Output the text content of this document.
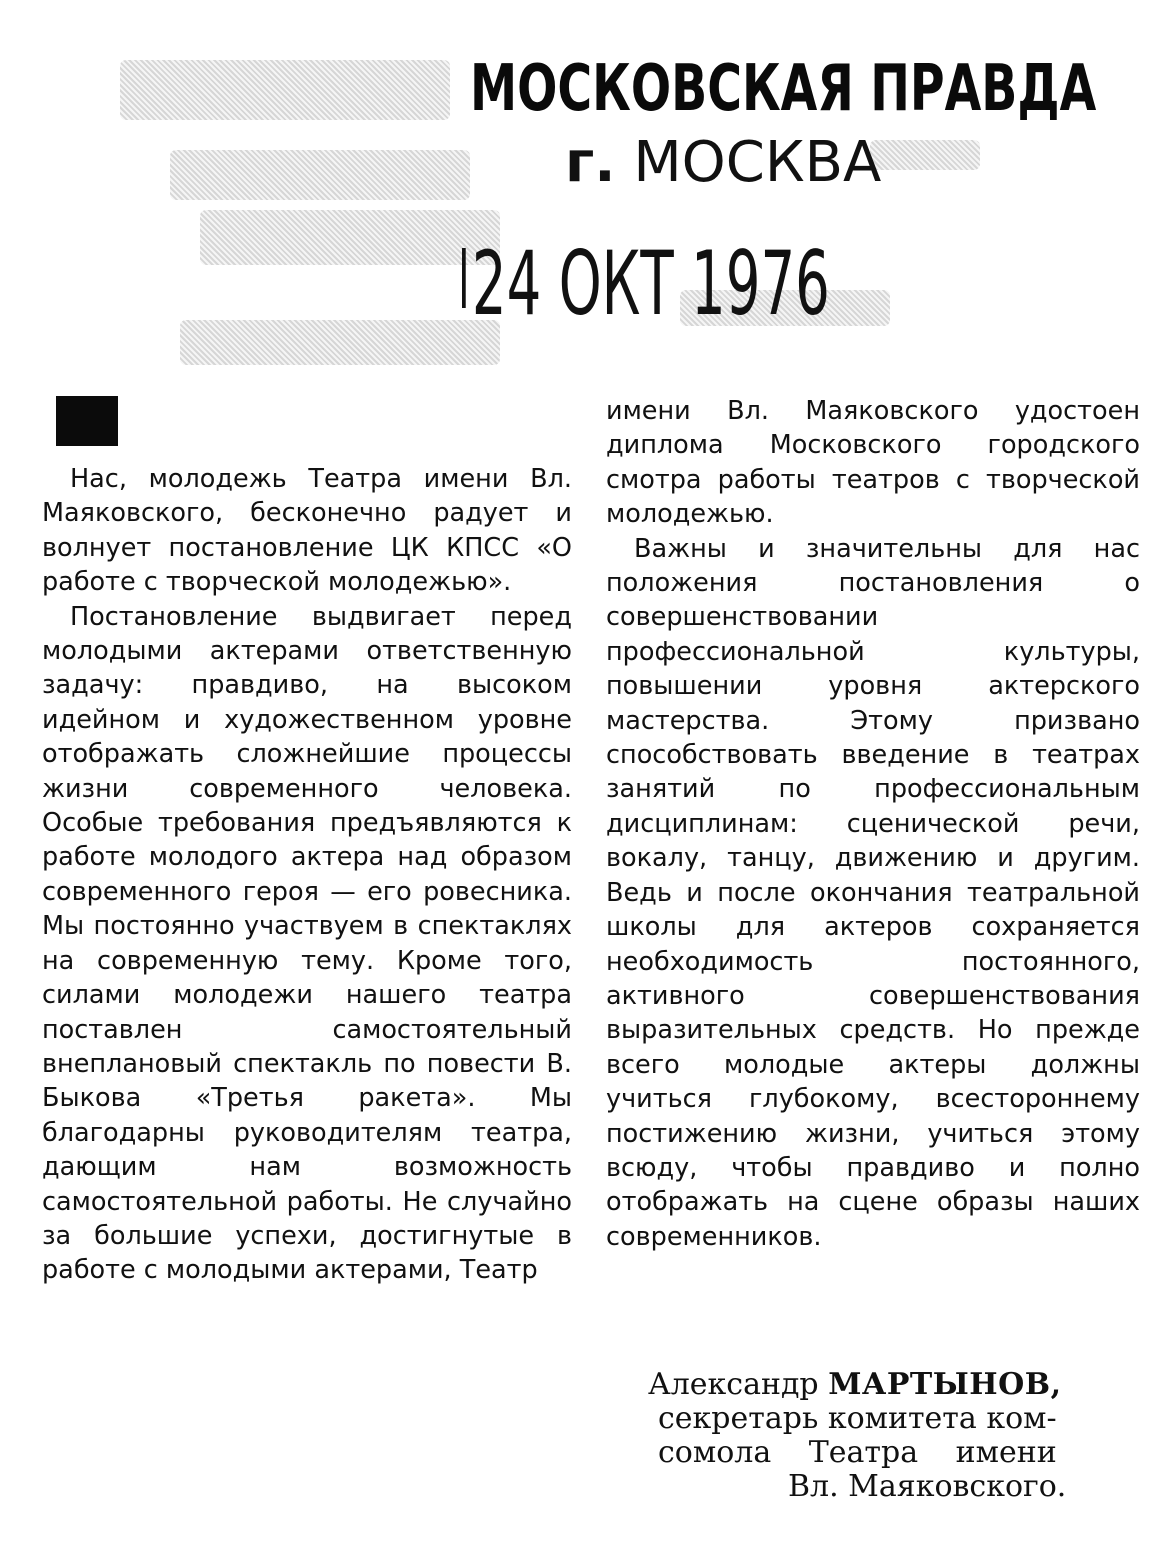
МОСКОВСКАЯ ПРАВДА
г. МОСКВА
24 ОКТ 1976

Нас, молодежь Театра имени Вл. Маяковского, бесконечно радует и волнует постановление ЦК КПСС «О работе с творческой молодежью».

Постановление выдвигает перед молодыми актерами ответственную задачу: правдиво, на высоком идейном и художественном уровне отображать сложнейшие процессы жизни современного человека. Особые требования предъявляются к работе молодого актера над образом современного героя — его ровесника. Мы постоянно участвуем в спектаклях на современную тему. Кроме того, силами молодежи нашего театра поставлен самостоятельный внеплановый спектакль по повести В. Быкова «Третья ракета». Мы благодарны руководителям театра, дающим нам возможность самостоятельной работы. Не случайно за большие успехи, достигнутые в работе с молодыми актерами, Театр

имени Вл. Маяковского удостоен диплома Московского городского смотра работы театров с творческой молодежью.

Важны и значительны для нас положения постановления о совершенствовании профессиональной культуры, повышении уровня актерского мастерства. Этому призвано способствовать введение в театрах занятий по профессиональным дисциплинам: сценической речи, вокалу, танцу, движению и другим. Ведь и после окончания театральной школы для актеров сохраняется необходимость постоянного, активного совершенствования выразительных средств. Но прежде всего молодые актеры должны учиться глубокому, всестороннему постижению жизни, учиться этому всюду, чтобы правдиво и полно отображать на сцене образы наших современников.

Александр МАРТЫНОВ,
секретарь комитета ком-
сомола Театра имени
Вл. Маяковского.
